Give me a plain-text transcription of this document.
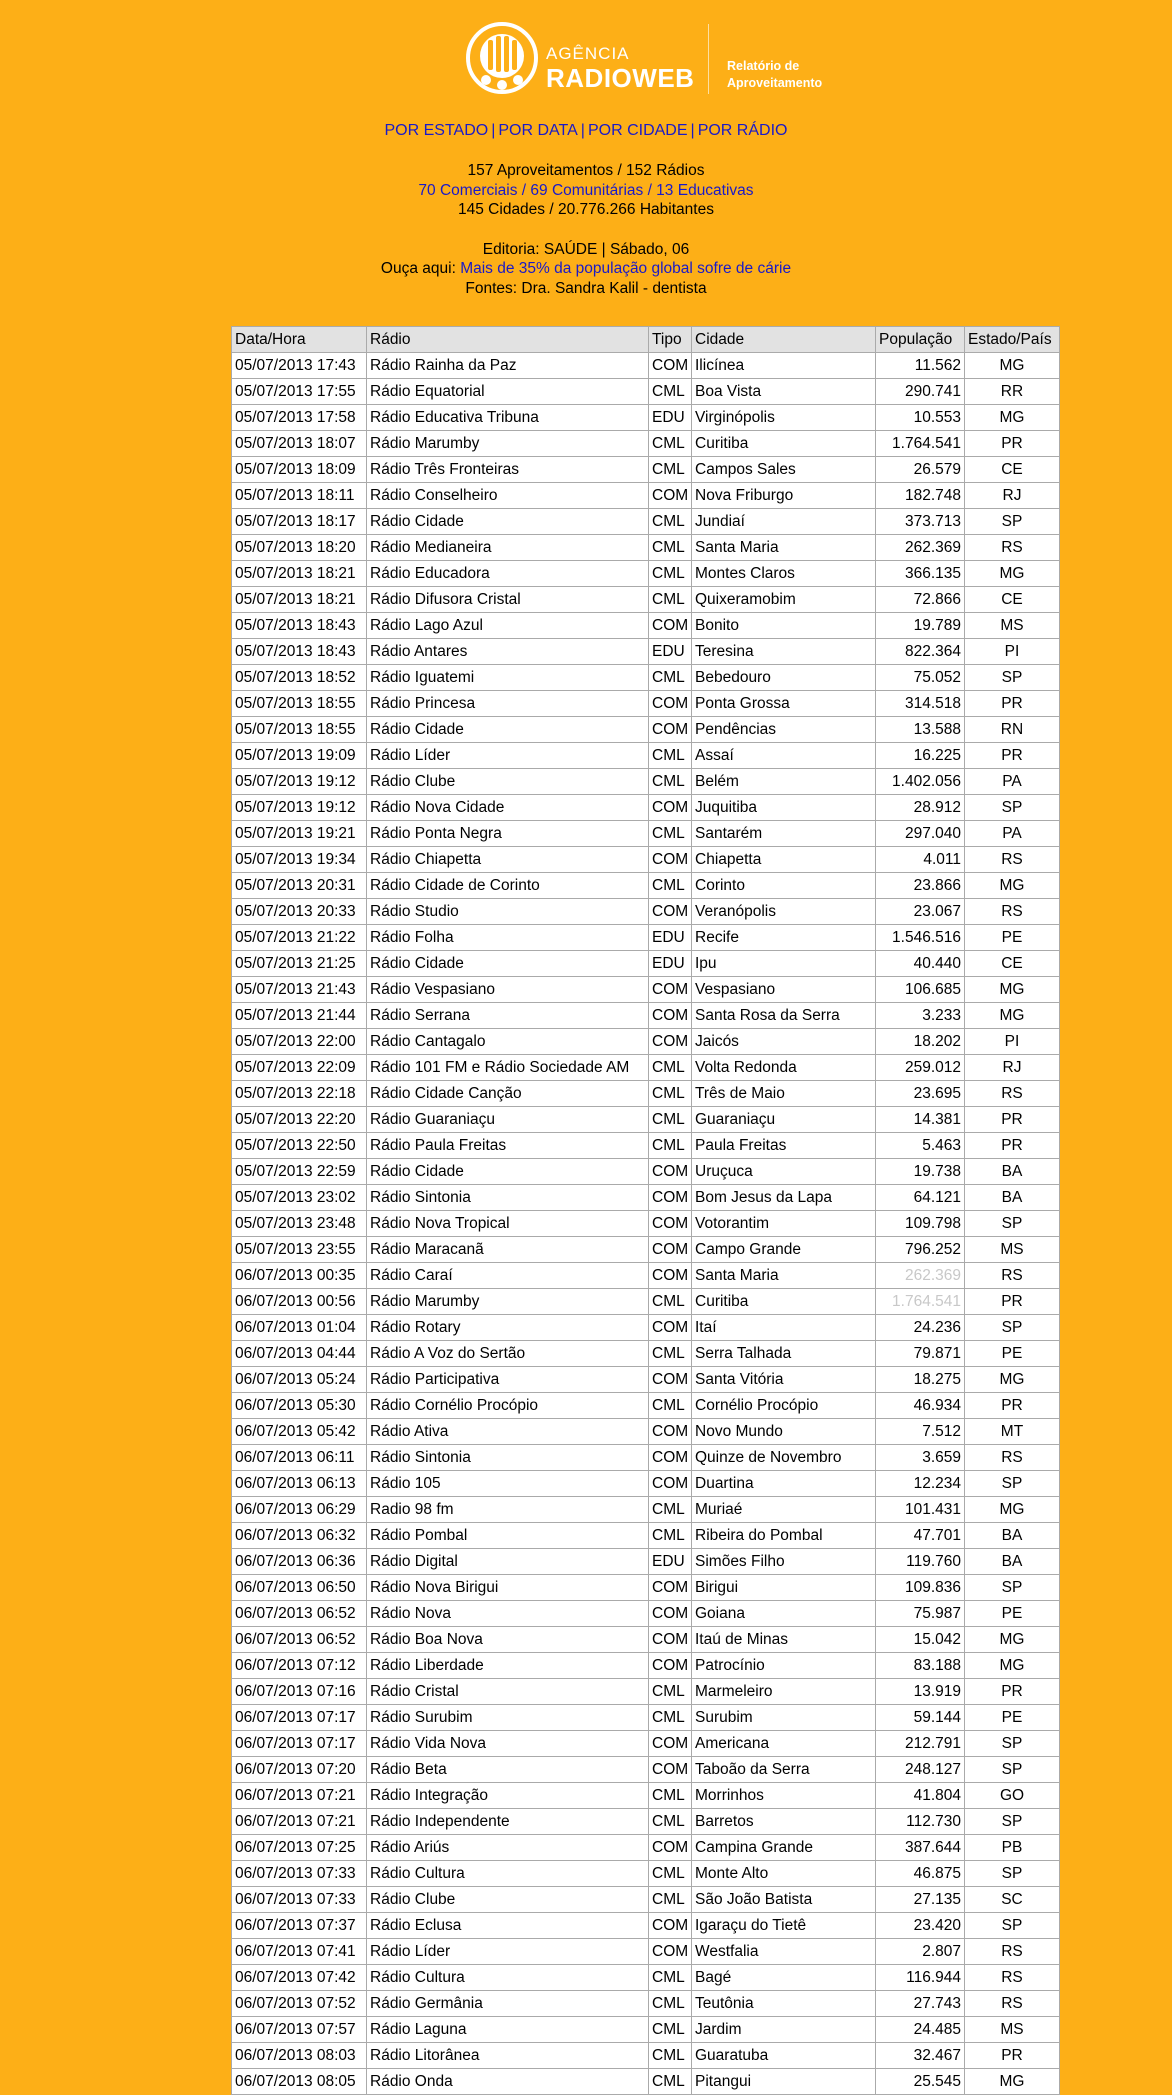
AGÊNCIA
RADIOWEB	Relatório de
Aproveitamento
POR ESTADO | POR DATA | POR CIDADE | POR RÁDIO
157 Aproveitamentos / 152 Rádios
70 Comerciais / 69 Comunitárias / 13 Educativas
145 Cidades / 20.776.266 Habitantes
Editoria: SAÚDE | Sábado, 06
Ouça aqui: Mais de 35% da população global sofre de cárie
Fontes: Dra. Sandra Kalil - dentista
Data/Hora	Rádio	Tipo	Cidade	População	Estado/País
05/07/2013 17:43	Rádio Rainha da Paz	COM	Ilicínea	11.562	MG
05/07/2013 17:55	Rádio Equatorial	CML	Boa Vista	290.741	RR
05/07/2013 17:58	Rádio Educativa Tribuna	EDU	Virginópolis	10.553	MG
05/07/2013 18:07	Rádio Marumby	CML	Curitiba	1.764.541	PR
05/07/2013 18:09	Rádio Três Fronteiras	CML	Campos Sales	26.579	CE
05/07/2013 18:11	Rádio Conselheiro	COM	Nova Friburgo	182.748	RJ
05/07/2013 18:17	Rádio Cidade	CML	Jundiaí	373.713	SP
05/07/2013 18:20	Rádio Medianeira	CML	Santa Maria	262.369	RS
05/07/2013 18:21	Rádio Educadora	CML	Montes Claros	366.135	MG
05/07/2013 18:21	Rádio Difusora Cristal	CML	Quixeramobim	72.866	CE
05/07/2013 18:43	Rádio Lago Azul	COM	Bonito	19.789	MS
05/07/2013 18:43	Rádio Antares	EDU	Teresina	822.364	PI
05/07/2013 18:52	Rádio Iguatemi	CML	Bebedouro	75.052	SP
05/07/2013 18:55	Rádio Princesa	COM	Ponta Grossa	314.518	PR
05/07/2013 18:55	Rádio Cidade	COM	Pendências	13.588	RN
05/07/2013 19:09	Rádio Líder	CML	Assaí	16.225	PR
05/07/2013 19:12	Rádio Clube	CML	Belém	1.402.056	PA
05/07/2013 19:12	Rádio Nova Cidade	COM	Juquitiba	28.912	SP
05/07/2013 19:21	Rádio Ponta Negra	CML	Santarém	297.040	PA
05/07/2013 19:34	Rádio Chiapetta	COM	Chiapetta	4.011	RS
05/07/2013 20:31	Rádio Cidade de Corinto	CML	Corinto	23.866	MG
05/07/2013 20:33	Rádio Studio	COM	Veranópolis	23.067	RS
05/07/2013 21:22	Rádio Folha	EDU	Recife	1.546.516	PE
05/07/2013 21:25	Rádio Cidade	EDU	Ipu	40.440	CE
05/07/2013 21:43	Rádio Vespasiano	COM	Vespasiano	106.685	MG
05/07/2013 21:44	Rádio Serrana	COM	Santa Rosa da Serra	3.233	MG
05/07/2013 22:00	Rádio Cantagalo	COM	Jaicós	18.202	PI
05/07/2013 22:09	Rádio 101 FM e Rádio Sociedade AM	CML	Volta Redonda	259.012	RJ
05/07/2013 22:18	Rádio Cidade Canção	CML	Três de Maio	23.695	RS
05/07/2013 22:20	Rádio Guaraniaçu	CML	Guaraniaçu	14.381	PR
05/07/2013 22:50	Rádio Paula Freitas	CML	Paula Freitas	5.463	PR
05/07/2013 22:59	Rádio Cidade	COM	Uruçuca	19.738	BA
05/07/2013 23:02	Rádio Sintonia	COM	Bom Jesus da Lapa	64.121	BA
05/07/2013 23:48	Rádio Nova Tropical	COM	Votorantim	109.798	SP
05/07/2013 23:55	Rádio Maracanã	COM	Campo Grande	796.252	MS
06/07/2013 00:35	Rádio Caraí	COM	Santa Maria	262.369	RS
06/07/2013 00:56	Rádio Marumby	CML	Curitiba	1.764.541	PR
06/07/2013 01:04	Rádio Rotary	COM	Itaí	24.236	SP
06/07/2013 04:44	Rádio A Voz do Sertão	CML	Serra Talhada	79.871	PE
06/07/2013 05:24	Rádio Participativa	COM	Santa Vitória	18.275	MG
06/07/2013 05:30	Rádio Cornélio Procópio	CML	Cornélio Procópio	46.934	PR
06/07/2013 05:42	Rádio Ativa	COM	Novo Mundo	7.512	MT
06/07/2013 06:11	Rádio Sintonia	COM	Quinze de Novembro	3.659	RS
06/07/2013 06:13	Rádio 105	COM	Duartina	12.234	SP
06/07/2013 06:29	Radio 98 fm	CML	Muriaé	101.431	MG
06/07/2013 06:32	Rádio Pombal	CML	Ribeira do Pombal	47.701	BA
06/07/2013 06:36	Rádio Digital	EDU	Simões Filho	119.760	BA
06/07/2013 06:50	Rádio Nova Birigui	COM	Birigui	109.836	SP
06/07/2013 06:52	Rádio Nova	COM	Goiana	75.987	PE
06/07/2013 06:52	Rádio Boa Nova	COM	Itaú de Minas	15.042	MG
06/07/2013 07:12	Rádio Liberdade	COM	Patrocínio	83.188	MG
06/07/2013 07:16	Rádio Cristal	CML	Marmeleiro	13.919	PR
06/07/2013 07:17	Rádio Surubim	CML	Surubim	59.144	PE
06/07/2013 07:17	Rádio Vida Nova	COM	Americana	212.791	SP
06/07/2013 07:20	Rádio Beta	COM	Taboão da Serra	248.127	SP
06/07/2013 07:21	Rádio Integração	CML	Morrinhos	41.804	GO
06/07/2013 07:21	Rádio Independente	CML	Barretos	112.730	SP
06/07/2013 07:25	Rádio Ariús	COM	Campina Grande	387.644	PB
06/07/2013 07:33	Rádio Cultura	CML	Monte Alto	46.875	SP
06/07/2013 07:33	Rádio Clube	CML	São João Batista	27.135	SC
06/07/2013 07:37	Rádio Eclusa	COM	Igaraçu do Tietê	23.420	SP
06/07/2013 07:41	Rádio Líder	COM	Westfalia	2.807	RS
06/07/2013 07:42	Rádio Cultura	CML	Bagé	116.944	RS
06/07/2013 07:52	Rádio Germânia	CML	Teutônia	27.743	RS
06/07/2013 07:57	Rádio Laguna	CML	Jardim	24.485	MS
06/07/2013 08:03	Rádio Litorânea	CML	Guaratuba	32.467	PR
06/07/2013 08:05	Rádio Onda	CML	Pitangui	25.545	MG
